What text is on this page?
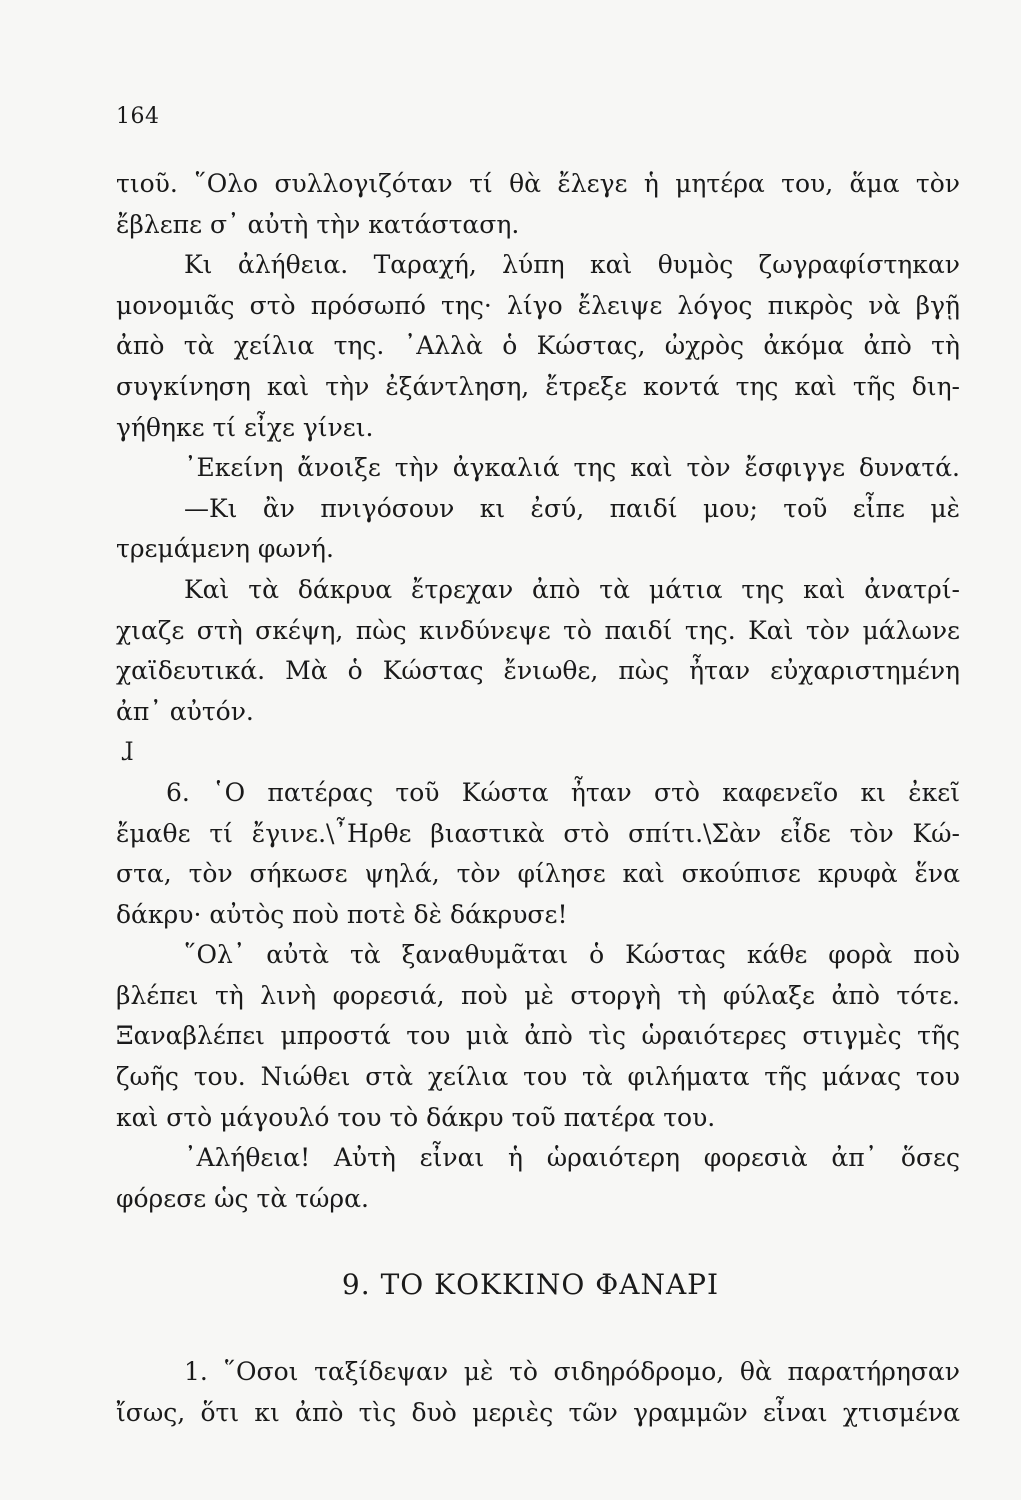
164
τιοῦ. ῞Ολο συλλογιζόταν τί θὰ ἔλεγε ἡ μητέρα του, ἅμα τὸν
ἔβλεπε σ᾿ αὐτὴ τὴν κατάσταση.
Κι ἀλήθεια. Ταραχή, λύπη καὶ θυμὸς ζωγραφίστηκαν
μονομιᾶς στὸ πρόσωπό της· λίγο ἔλειψε λόγος πικρὸς νὰ βγῇ
ἀπὸ τὰ χείλια της. ᾿Αλλὰ ὁ Κώστας, ὠχρὸς ἀκόμα ἀπὸ τὴ
συγκίνηση καὶ τὴν ἐξάντληση, ἔτρεξε κοντά της καὶ τῆς διη-
γήθηκε τί εἶχε γίνει.
᾿Εκείνη ἄνοιξε τὴν ἀγκαλιά της καὶ τὸν ἔσφιγγε δυνατά.
—Κι ἂν πνιγόσουν κι ἐσύ, παιδί μου; τοῦ εἶπε μὲ
τρεμάμενη φωνή.
Καὶ τὰ δάκρυα ἔτρεχαν ἀπὸ τὰ μάτια της καὶ ἀνατρί-
χιαζε στὴ σκέψη, πὼς κινδύνεψε τὸ παιδί της. Καὶ τὸν μάλωνε
χαϊδευτικά. Μὰ ὁ Κώστας ἔνιωθε, πὼς ἦταν εὐχαριστημένη
ἀπ᾿ αὐτόν.
ɺ
6. ῾Ο πατέρας τοῦ Κώστα ἦταν στὸ καφενεῖο κι ἐκεῖ
ἔμαθε τί ἔγινε.\῏Ηρθε βιαστικὰ στὸ σπίτι.\Σὰν εἶδε τὸν Κώ-
στα, τὸν σήκωσε ψηλά, τὸν φίλησε καὶ σκούπισε κρυφὰ ἕνα
δάκρυ· αὐτὸς ποὺ ποτὲ δὲ δάκρυσε!
῞Ολ᾿ αὐτὰ τὰ ξαναθυμᾶται ὁ Κώστας κάθε φορὰ ποὺ
βλέπει τὴ λινὴ φορεσιά, ποὺ μὲ στοργὴ τὴ φύλαξε ἀπὸ τότε.
Ξαναβλέπει μπροστά του μιὰ ἀπὸ τὶς ὡραιότερες στιγμὲς τῆς
ζωῆς του. Νιώθει στὰ χείλια του τὰ φιλήματα τῆς μάνας του
καὶ στὸ μάγουλό του τὸ δάκρυ τοῦ πατέρα του.
᾿Αλήθεια! Αὐτὴ εἶναι ἡ ὡραιότερη φορεσιὰ ἀπ᾿ ὅσες
φόρεσε ὡς τὰ τώρα.
9. ΤΟ ΚΟΚΚΙΝΟ ΦΑΝΑΡΙ
1. ῞Οσοι ταξίδεψαν μὲ τὸ σιδηρόδρομο, θὰ παρατήρησαν
ἴσως, ὅτι κι ἀπὸ τὶς δυὸ μεριὲς τῶν γραμμῶν εἶναι χτισμένα
